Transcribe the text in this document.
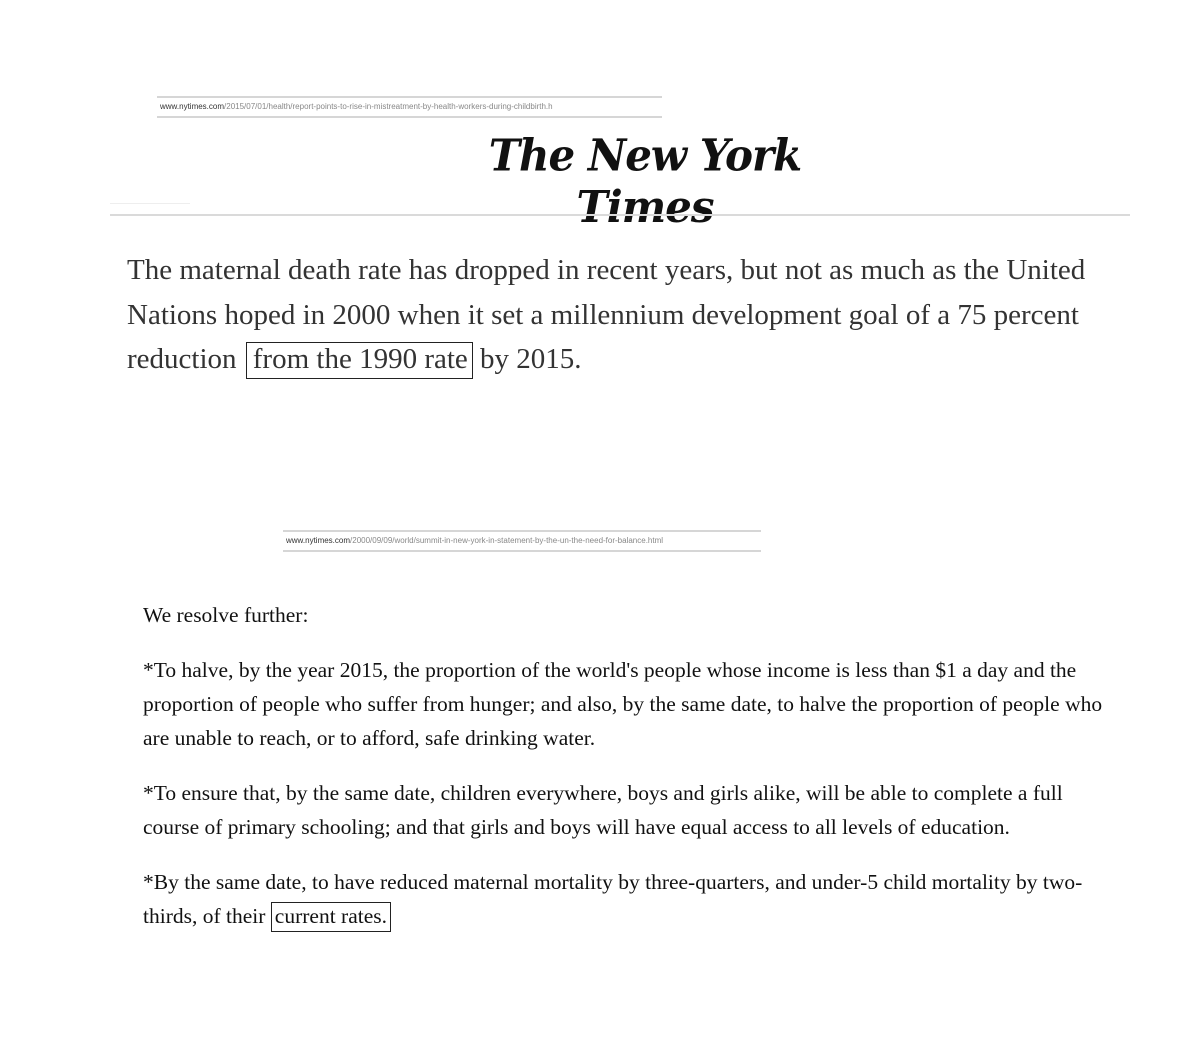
www.nytimes.com/2015/07/01/health/report-points-to-rise-in-mistreatment-by-health-workers-during-childbirth.h
The New York Times

The maternal death rate has dropped in recent years, but not as much as the United Nations hoped in 2000 when it set a millennium development goal of a 75 percent reduction from the 1990 rate by 2015.

www.nytimes.com/2000/09/09/world/summit-in-new-york-in-statement-by-the-un-the-need-for-balance.html

We resolve further:

*To halve, by the year 2015, the proportion of the world's people whose income is less than $1 a day and the proportion of people who suffer from hunger; and also, by the same date, to halve the proportion of people who are unable to reach, or to afford, safe drinking water.

*To ensure that, by the same date, children everywhere, boys and girls alike, will be able to complete a full course of primary schooling; and that girls and boys will have equal access to all levels of education.

*By the same date, to have reduced maternal mortality by three-quarters, and under-5 child mortality by two-thirds, of their current rates.
